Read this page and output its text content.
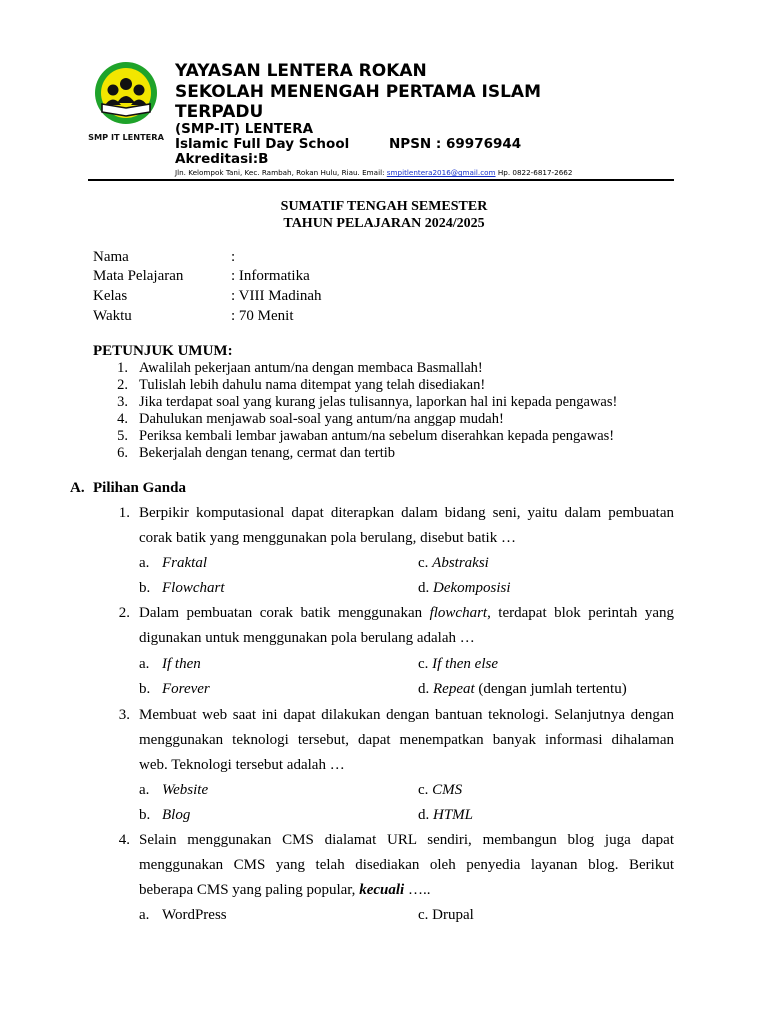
SMP IT LENTERA
YAYASAN LENTERA ROKAN
SEKOLAH MENENGAH PERTAMA ISLAM
TERPADU
(SMP-IT) LENTERA
Islamic Full Day School	NPSN : 69976944
Akreditasi:B
Jln. Kelompok Tani, Kec. Rambah, Rokan Hulu, Riau. Email: smpitlentera2016@gmail.com Hp. 0822-6817-2662
SUMATIF TENGAH SEMESTER
TAHUN PELAJARAN 2024/2025
Nama	:
Mata Pelajaran	: Informatika
Kelas	: VIII Madinah
Waktu	: 70 Menit
PETUNJUK UMUM:
1. Awalilah pekerjaan antum/na dengan membaca Basmallah!
2. Tulislah lebih dahulu nama ditempat yang telah disediakan!
3. Jika terdapat soal yang kurang jelas tulisannya, laporkan hal ini kepada pengawas!
4. Dahulukan menjawab soal-soal yang antum/na anggap mudah!
5. Periksa kembali lembar jawaban antum/na sebelum diserahkan kepada pengawas!
6. Bekerjalah dengan tenang, cermat dan tertib
A. Pilihan Ganda
1. Berpikir komputasional dapat diterapkan dalam bidang seni, yaitu dalam pembuatan
corak batik yang menggunakan pola berulang, disebut batik …
a. Fraktal	c. Abstraksi
b. Flowchart	d. Dekomposisi
2. Dalam pembuatan corak batik menggunakan flowchart, terdapat blok perintah yang
digunakan untuk menggunakan pola berulang adalah …
a. If then	c. If then else
b. Forever	d. Repeat (dengan jumlah tertentu)
3. Membuat web saat ini dapat dilakukan dengan bantuan teknologi. Selanjutnya dengan
menggunakan teknologi tersebut, dapat menempatkan banyak informasi dihalaman
web. Teknologi tersebut adalah …
a. Website	c. CMS
b. Blog	d. HTML
4. Selain menggunakan CMS dialamat URL sendiri, membangun blog juga dapat
menggunakan CMS yang telah disediakan oleh penyedia layanan blog. Berikut
beberapa CMS yang paling popular, kecuali …..
a. WordPress	c. Drupal
